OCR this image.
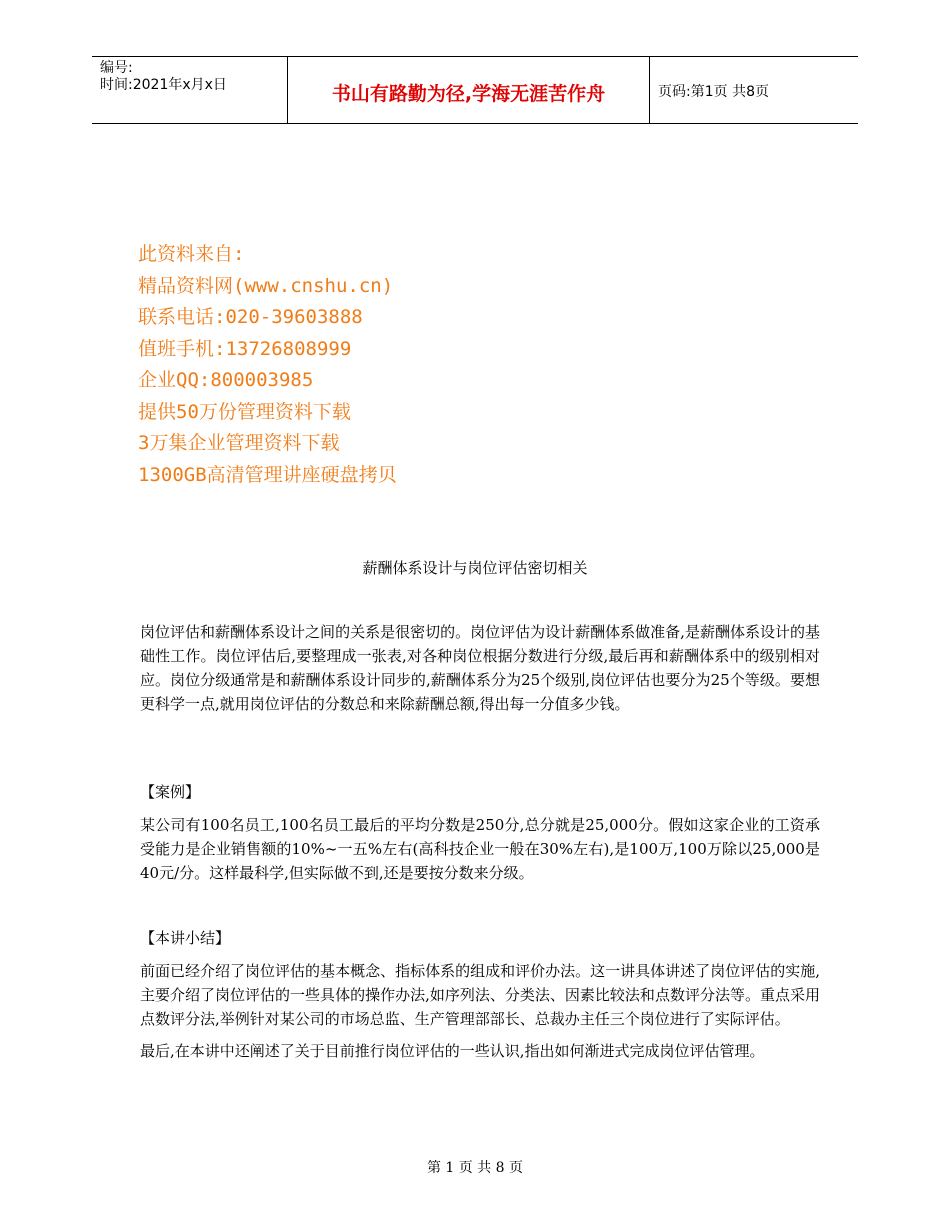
编号:
时间:2021年x月x日	书山有路勤为径,学海无涯苦作舟	页码:第1页 共8页
此资料来自:
精品资料网(www.cnshu.cn)
联系电话:020-39603888
值班手机:13726808999
企业QQ:800003985
提供50万份管理资料下载
3万集企业管理资料下载
1300GB高清管理讲座硬盘拷贝
薪酬体系设计与岗位评估密切相关

岗位评估和薪酬体系设计之间的关系是很密切的。岗位评估为设计薪酬体系做准备,是薪酬体系设计的基础性工作。岗位评估后,要整理成一张表,对各种岗位根据分数进行分级,最后再和薪酬体系中的级别相对应。岗位分级通常是和薪酬体系设计同步的,薪酬体系分为25个级别,岗位评估也要分为25个等级。要想更科学一点,就用岗位评估的分数总和来除薪酬总额,得出每一分值多少钱。

【案例】

某公司有100名员工,100名员工最后的平均分数是250分,总分就是25,000分。假如这家企业的工资承受能力是企业销售额的10%~一五%左右(高科技企业一般在30%左右),是100万,100万除以25,000是40元/分。这样最科学,但实际做不到,还是要按分数来分级。

【本讲小结】

前面已经介绍了岗位评估的基本概念、指标体系的组成和评价办法。这一讲具体讲述了岗位评估的实施,主要介绍了岗位评估的一些具体的操作办法,如序列法、分类法、因素比较法和点数评分法等。重点采用点数评分法,举例针对某公司的市场总监、生产管理部部长、总裁办主任三个岗位进行了实际评估。

最后,在本讲中还阐述了关于目前推行岗位评估的一些认识,指出如何渐进式完成岗位评估管理。

第 1 页 共 8 页
